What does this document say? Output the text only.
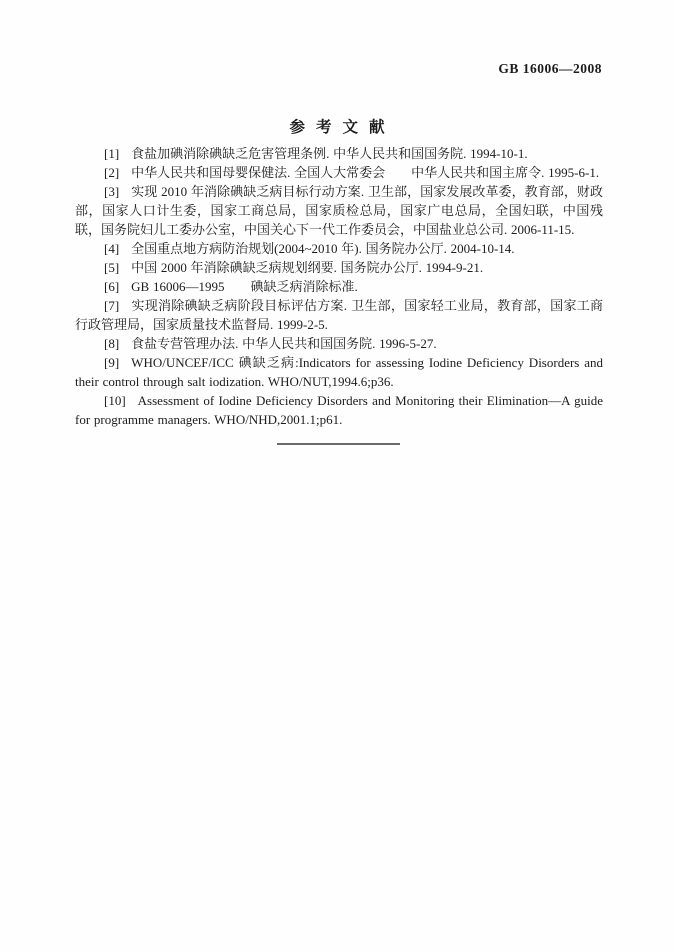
GB 16006—2008
参考文献

[1] 食盐加碘消除碘缺乏危害管理条例. 中华人民共和国国务院. 1994-10-1.

[2] 中华人民共和国母婴保健法. 全国人大常委会　　中华人民共和国主席令. 1995-6-1.

[3] 实现 2010 年消除碘缺乏病目标行动方案. 卫生部，国家发展改革委，教育部，财政部，国家人口计生委，国家工商总局，国家质检总局，国家广电总局，全国妇联，中国残联，国务院妇儿工委办公室，中国关心下一代工作委员会，中国盐业总公司. 2006-11-15.

[4] 全国重点地方病防治规划(2004~2010 年). 国务院办公厅. 2004-10-14.

[5] 中国 2000 年消除碘缺乏病规划纲要. 国务院办公厅. 1994-9-21.

[6] GB 16006—1995　　碘缺乏病消除标准.

[7] 实现消除碘缺乏病阶段目标评估方案. 卫生部，国家轻工业局，教育部，国家工商行政管理局，国家质量技术监督局. 1999-2-5.

[8] 食盐专营管理办法. 中华人民共和国国务院. 1996-5-27.

[9] WHO/UNCEF/ICC 碘缺乏病:Indicators for assessing Iodine Deficiency Disorders and their control through salt iodization. WHO/NUT,1994.6;p36.

[10] Assessment of Iodine Deficiency Disorders and Monitoring their Elimination—A guide for programme managers. WHO/NHD,2001.1;p61.
